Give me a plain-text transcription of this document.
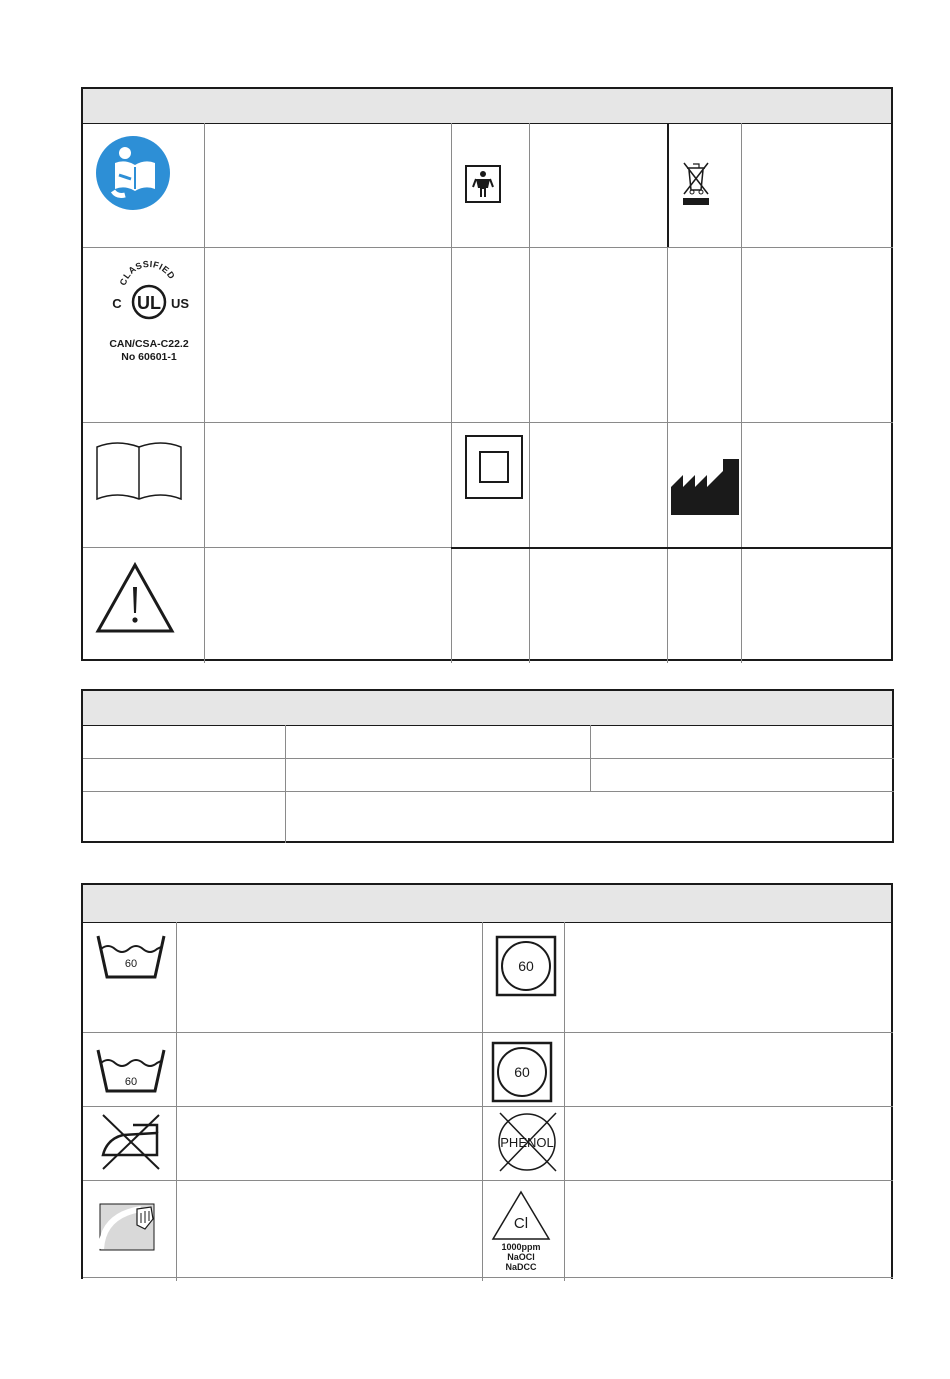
CLASSIFIED
UL
C	US
CAN/CSA-C22.2
No 60601-1
60	60
60
60
PHENOL
Cl
1000ppm
NaOCl
NaDCC
